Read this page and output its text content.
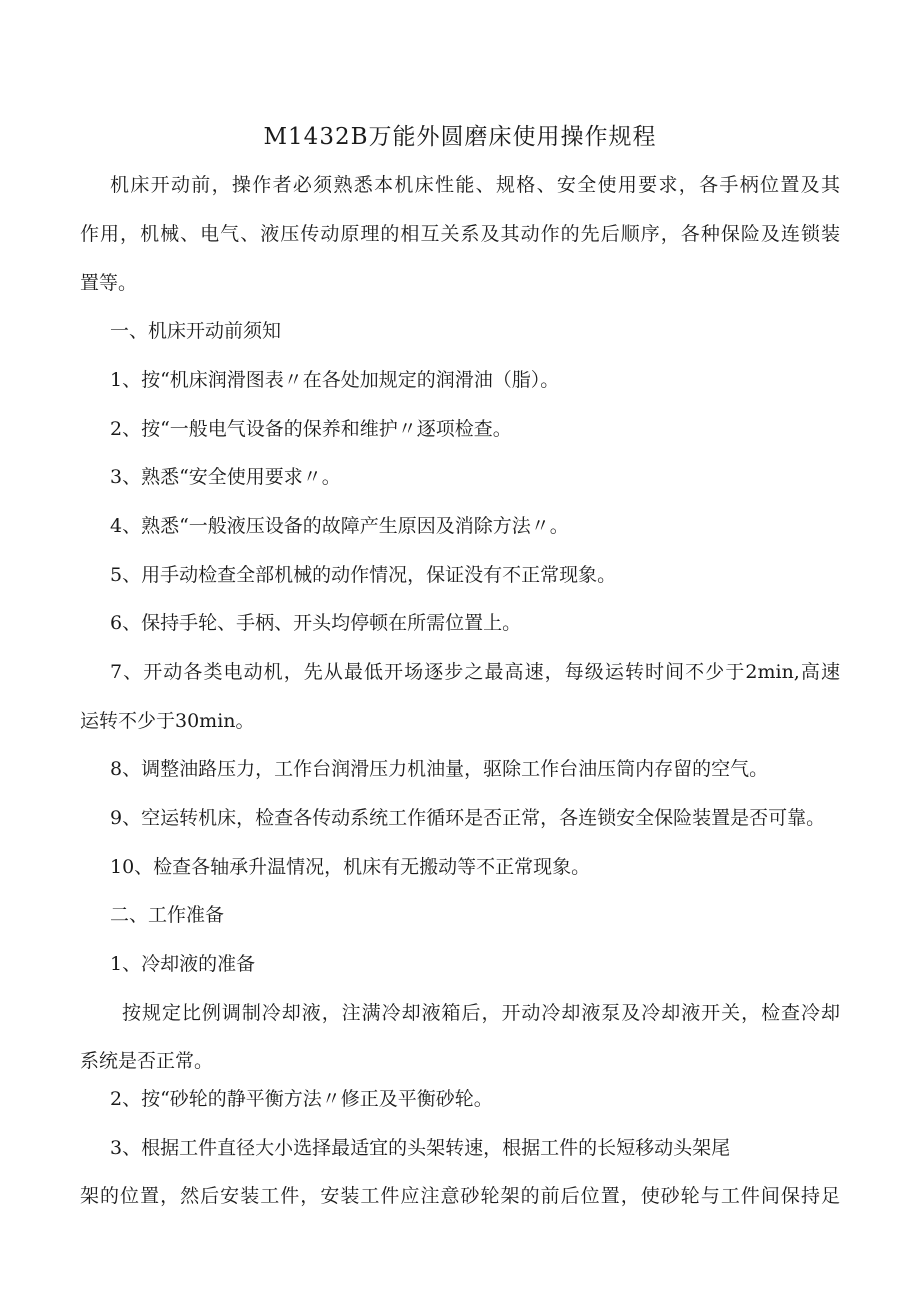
M1432B万能外圆磨床使用操作规程
机床开动前，操作者必须熟悉本机床性能、规格、安全使用要求，各手柄位置及其
作用，机械、电气、液压传动原理的相互关系及其动作的先后顺序，各种保险及连锁装
置等。
一、机床开动前须知
1、按“机床润滑图表〃在各处加规定的润滑油（脂）。
2、按“一般电气设备的保养和维护〃逐项检查。
3、熟悉“安全使用要求〃。
4、熟悉“一般液压设备的故障产生原因及消除方法〃。
5、用手动检查全部机械的动作情况，保证没有不正常现象。
6、保持手轮、手柄、开头均停顿在所需位置上。
7、开动各类电动机，先从最低开场逐步之最高速，每级运转时间不少于2min,高速
运转不少于30min。
8、调整油路压力，工作台润滑压力机油量，驱除工作台油压筒内存留的空气。
9、空运转机床，检查各传动系统工作循环是否正常，各连锁安全保险装置是否可靠。
10、检查各轴承升温情况，机床有无搬动等不正常现象。
二、工作准备
1、冷却液的准备
按规定比例调制冷却液，注满冷却液箱后，开动冷却液泵及冷却液开关，检查冷却
系统是否正常。
2、按“砂轮的静平衡方法〃修正及平衡砂轮。
3、根据工件直径大小选择最适宜的头架转速，根据工件的长短移动头架尾
架的位置，然后安装工件，安装工件应注意砂轮架的前后位置，使砂轮与工件间保持足
